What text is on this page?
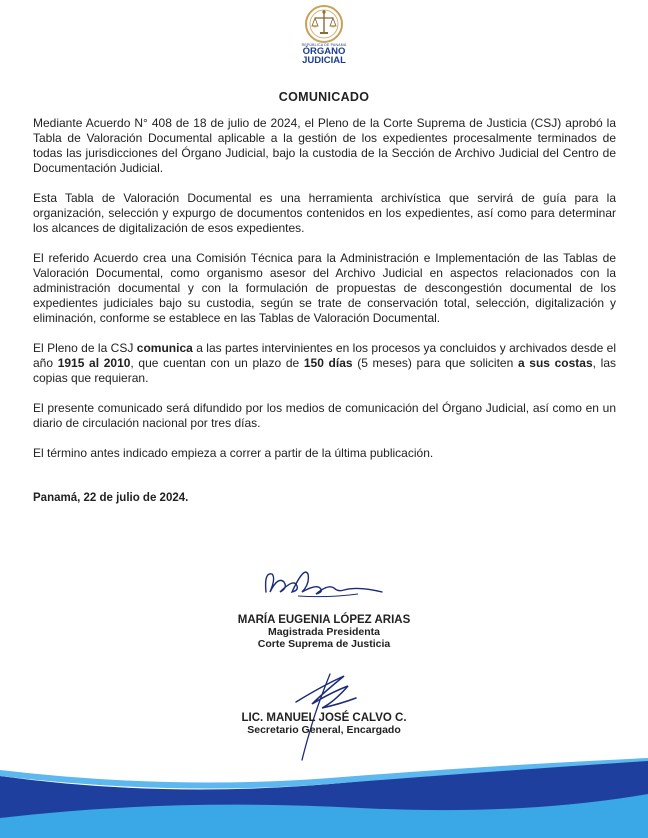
REPÚBLICA DE PANAMÁ
ÓRGANO
JUDICIAL
COMUNICADO

Mediante Acuerdo N° 408 de 18 de julio de 2024, el Pleno de la Corte Suprema de Justicia (CSJ) aprobó la Tabla de Valoración Documental aplicable a la gestión de los expedientes procesalmente terminados de todas las jurisdicciones del Órgano Judicial, bajo la custodia de la Sección de Archivo Judicial del Centro de Documentación Judicial.

Esta Tabla de Valoración Documental es una herramienta archivística que servirá de guía para la organización, selección y expurgo de documentos contenidos en los expedientes, así como para determinar los alcances de digitalización de esos expedientes.

El referido Acuerdo crea una Comisión Técnica para la Administración e Implementación de las Tablas de Valoración Documental, como organismo asesor del Archivo Judicial en aspectos relacionados con la administración documental y con la formulación de propuestas de descongestión documental de los expedientes judiciales bajo su custodia, según se trate de conservación total, selección, digitalización y eliminación, conforme se establece en las Tablas de Valoración Documental.

El Pleno de la CSJ comunica a las partes intervinientes en los procesos ya concluidos y archivados desde el año 1915 al 2010, que cuentan con un plazo de 150 días (5 meses) para que soliciten a sus costas, las copias que requieran.

El presente comunicado será difundido por los medios de comunicación del Órgano Judicial, así como en un diario de circulación nacional por tres días.

El término antes indicado empieza a correr a partir de la última publicación.

Panamá, 22 de julio de 2024.

MARÍA EUGENIA LÓPEZ ARIAS
Magistrada Presidenta
Corte Suprema de Justicia
LIC. MANUEL JOSÉ CALVO C.
Secretario General, Encargado
